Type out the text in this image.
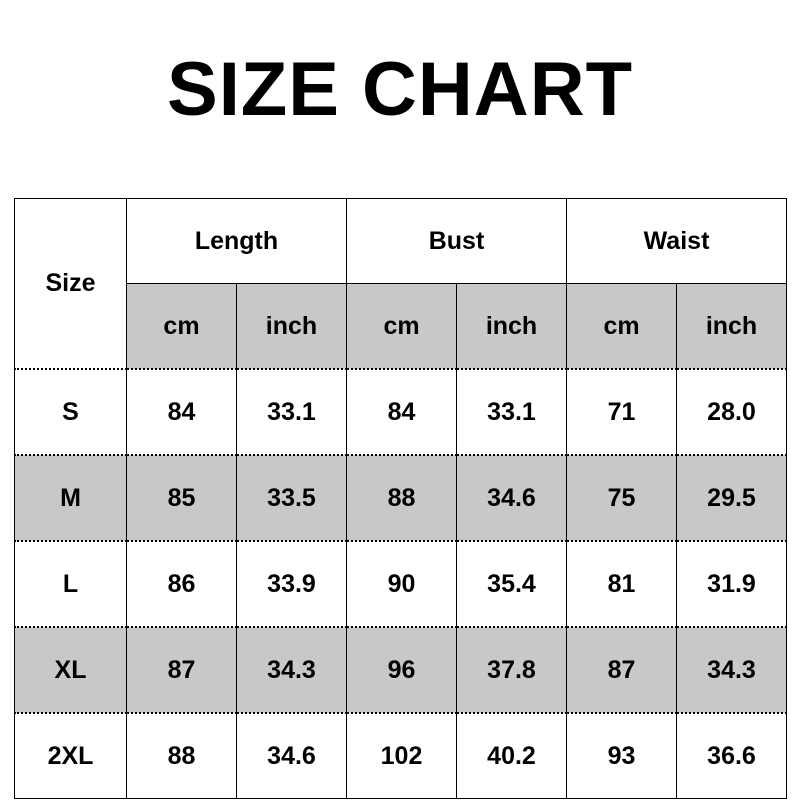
SIZE CHART
Size	Length		Bust		Waist	
	cm	inch	cm	inch	cm	inch
S	84	33.1	84	33.1	71	28.0
M	85	33.5	88	34.6	75	29.5
L	86	33.9	90	35.4	81	31.9
XL	87	34.3	96	37.8	87	34.3
2XL	88	34.6	102	40.2	93	36.6
